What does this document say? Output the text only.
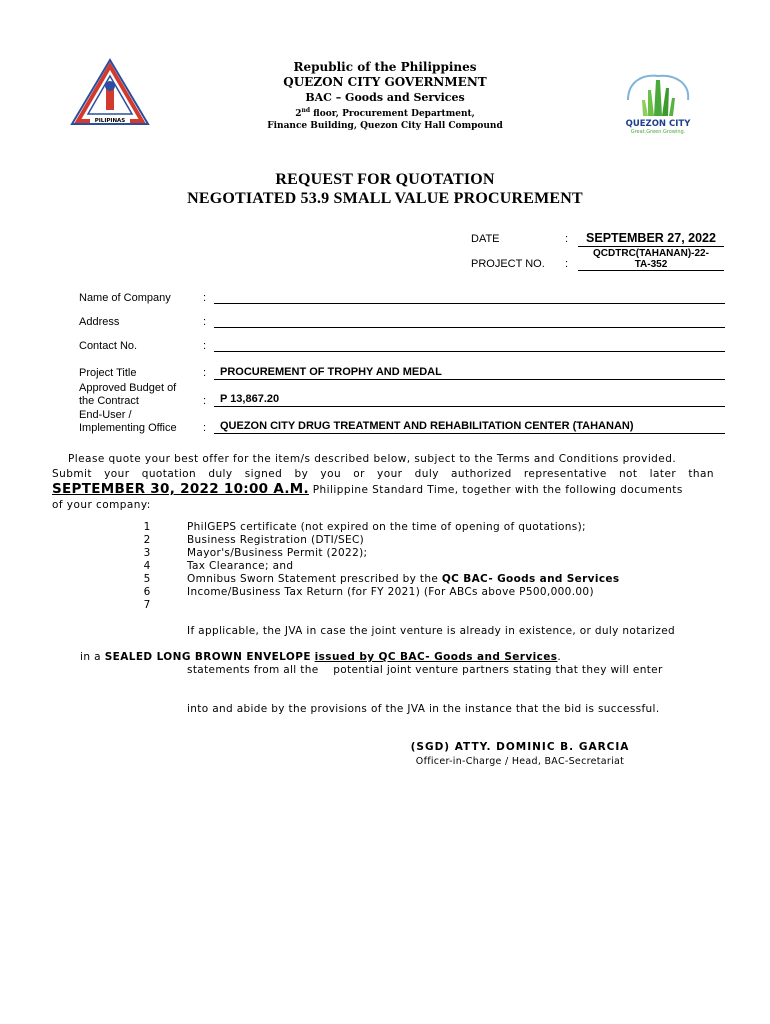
PILIPINAS
Republic of the Philippines
QUEZON CITY GOVERNMENT
BAC – Goods and Services
2nd floor, Procurement Department,
Finance Building, Quezon City Hall Compound	QUEZON CITY
Great.Green.Growing.
REQUEST FOR QUOTATION
NEGOTIATED 53.9 SMALL VALUE PROCUREMENT
DATE	:	SEPTEMBER 27, 2022
PROJECT NO. :
QCDTRC(TAHANAN)-22-
TA-352
Name of Company	:
Address	:
Contact No.	:
Project Title	:	PROCUREMENT OF TROPHY AND MEDAL
Approved Budget of
the Contract	:	P 13,867.20
End-User /
Implementing Office :	QUEZON CITY DRUG TREATMENT AND REHABILITATION CENTER (TAHANAN)
Please quote your best offer for the item/s described below, subject to the Terms and Conditions provided.
Submit your quotation duly signed by you or your duly authorized representative not later than
SEPTEMBER 30, 2022 10:00 A.M. Philippine Standard Time, together with the following documents
of your company:
1	PhilGEPS certificate (not expired on the time of opening of quotations);
2	Business Registration (DTI/SEC)
3	Mayor's/Business Permit (2022);
4	Tax Clearance; and
5	Omnibus Sworn Statement prescribed by the QC BAC- Goods and Services
6	Income/Business Tax Return (for FY 2021) (For ABCs above P500,000.00)
7

If applicable, the JVA in case the joint venture is already in existence, or duly notarized

statements from all the    potential joint venture partners stating that they will enter

into and abide by the provisions of the JVA in the instance that the bid is successful.

in a SEALED LONG BROWN ENVELOPE issued by QC BAC- Goods and Services.
(SGD) ATTY. DOMINIC B. GARCIA
Officer-in-Charge / Head, BAC-Secretariat
